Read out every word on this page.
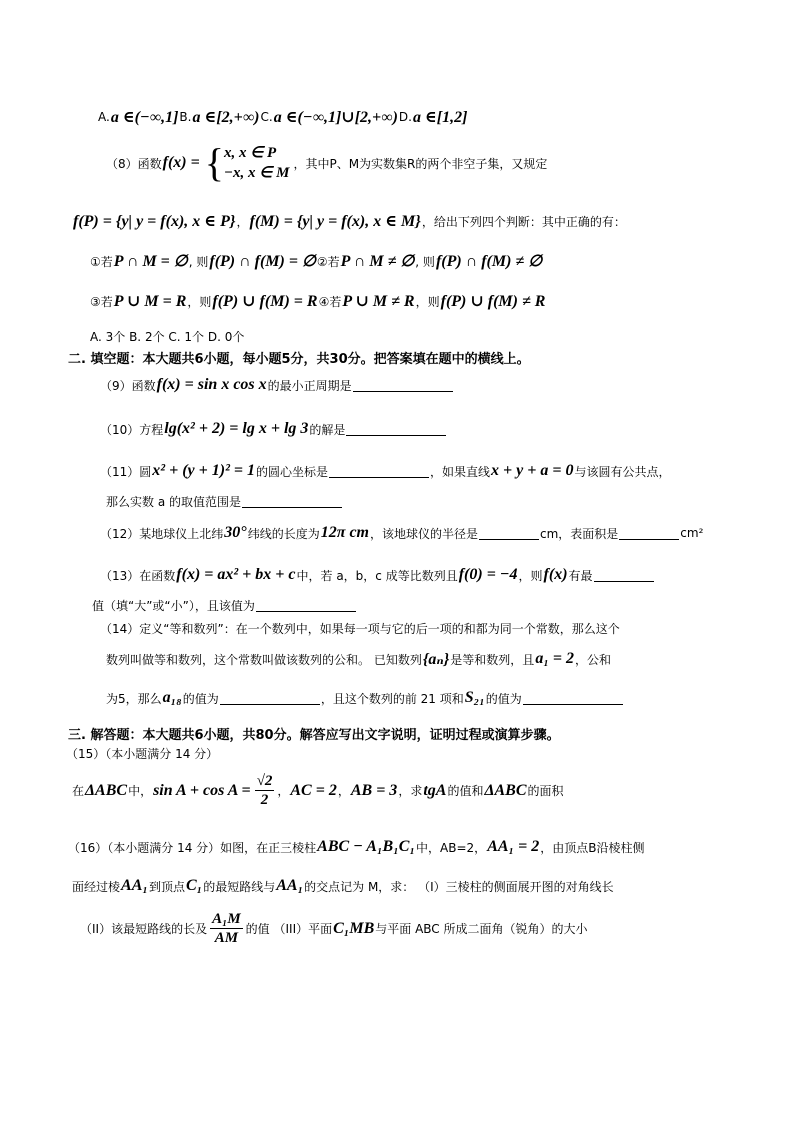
A. a ∈(−∞,1] B. a ∈[2,+∞) C. a ∈(−∞,1]∪[2,+∞) D. a ∈[1,2]
（8）函数 f(x) = { x, x ∈ P
−x, x ∈ M
，其中P、M为实数集R的两个非空子集，又规定
f(P) = {y| y = f(x), x ∈ P} ， f(M) = {y| y = f(x), x ∈ M} ，给出下列四个判断：其中正确的有：
①若 P ∩ M = ∅ , 则 f(P) ∩ f(M) = ∅ ②若 P ∩ M ≠ ∅ , 则 f(P) ∩ f(M) ≠ ∅
③若 P ∪ M = R ，则 f(P) ∪ f(M) = R ④若 P ∪ M ≠ R ，则 f(P) ∪ f(M) ≠ R
A. 3个 B. 2个 C. 1个 D. 0个
二. 填空题：本大题共6小题，每小题5分，共30分。把答案填在题中的横线上。
（9）函数 f(x) = sin x cos x 的最小正周期是
（10）方程 lg(x² + 2) = lg x + lg 3 的解是
（11）圆 x² + (y + 1)² = 1 的圆心坐标是	，如果直线 x + y + a = 0 与该圆有公共点，
那么实数 a 的取值范围是
（12）某地球仪上北纬 30° 纬线的长度为 12π cm ，该地球仪的半径是	cm，表面积是	cm²
（13）在函数 f(x) = ax² + bx + c 中，若 a，b，c 成等比数列且 f(0) = −4 ，则 f(x) 有最
值（填“大”或“小”），且该值为
（14）定义“等和数列”：在一个数列中，如果每一项与它的后一项的和都为同一个常数，那么这个
数列叫做等和数列，这个常数叫做该数列的公和。 已知数列 {aₙ} 是等和数列，且 a₁ = 2 ，公和
为5，那么 a₁₈ 的值为	，且这个数列的前 21 项和 S₂₁ 的值为
三. 解答题：本大题共6小题，共80分。解答应写出文字说明，证明过程或演算步骤。
（15）（本小题满分 14 分）
在 ΔABC 中， $\sin A + \cos A = \frac{√2}{2}$ ， AC = 2 ， AB = 3 ，求 tgA 的值和 ΔABC 的面积
（16）（本小题满分 14 分）如图，在正三棱柱 ABC − A₁B₁C₁ 中，AB=2， AA₁ = 2 ，由顶点B沿棱柱侧
面经过棱 AA₁ 到顶点 C₁ 的最短路线与 AA₁ 的交点记为 M，求： （I）三棱柱的侧面展开图的对角线长
（II）该最短路线的长及 $\frac{\text{A₁M}}{AM}$ 的值 （III）平面 C₁MB 与平面 ABC 所成二面角（锐角）的大小
